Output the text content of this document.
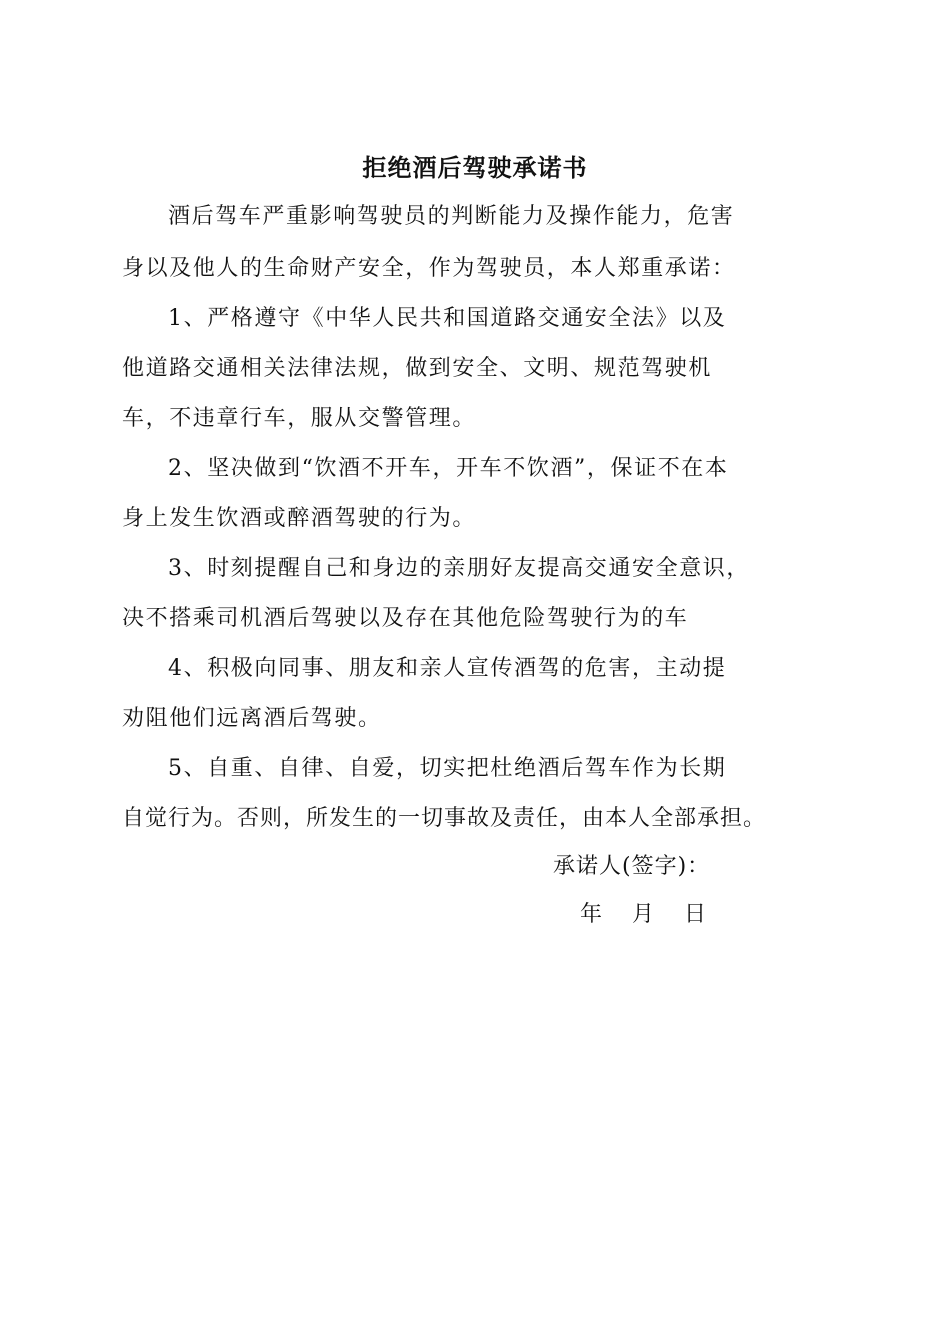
拒绝酒后驾驶承诺书

酒后驾车严重影响驾驶员的判断能力及操作能力，危害

身以及他人的生命财产安全，作为驾驶员，本人郑重承诺：

1、严格遵守《中华人民共和国道路交通安全法》以及

他道路交通相关法律法规，做到安全、文明、规范驾驶机

车，不违章行车，服从交警管理。

2、坚决做到“饮酒不开车，开车不饮酒”，保证不在本

身上发生饮酒或醉酒驾驶的行为。

3、时刻提醒自己和身边的亲朋好友提高交通安全意识，

决不搭乘司机酒后驾驶以及存在其他危险驾驶行为的车

4、积极向同事、朋友和亲人宣传酒驾的危害，主动提

劝阻他们远离酒后驾驶。

5、自重、自律、自爱，切实把杜绝酒后驾车作为长期

自觉行为。否则，所发生的一切事故及责任，由本人全部承担。

承诺人(签字)：
年 月 日
